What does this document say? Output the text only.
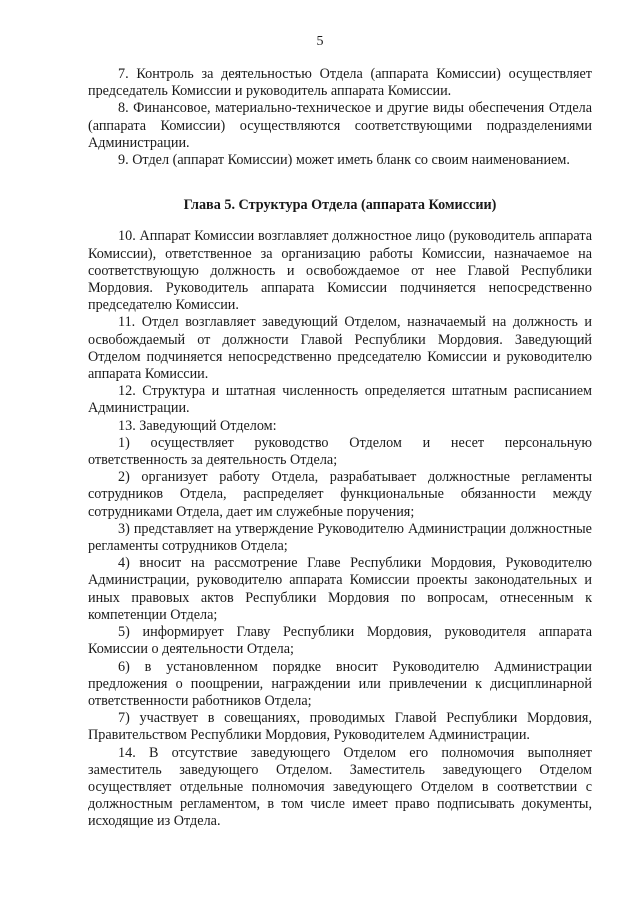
5

7. Контроль за деятельностью Отдела (аппарата Комиссии) осуществляет председатель Комиссии и руководитель аппарата Комиссии.

8. Финансовое, материально-техническое и другие виды обеспечения Отдела (аппарата Комиссии) осуществляются соответствующими подразделениями Администрации.

9. Отдел (аппарат Комиссии) может иметь бланк со своим наименованием.

Глава 5. Структура Отдела (аппарата Комиссии)

10. Аппарат Комиссии возглавляет должностное лицо (руководитель аппарата Комиссии), ответственное за организацию работы Комиссии, назначаемое на соответствующую должность и освобождаемое от нее Главой Республики Мордовия. Руководитель аппарата Комиссии подчиняется непосредственно председателю Комиссии.

11. Отдел возглавляет заведующий Отделом, назначаемый на должность и освобождаемый от должности Главой Республики Мордовия. Заведующий Отделом подчиняется непосредственно председателю Комиссии и руководителю аппарата Комиссии.

12. Структура и штатная численность определяется штатным расписанием Администрации.

13. Заведующий Отделом:

1) осуществляет руководство Отделом и несет персональную ответственность за деятельность Отдела;

2) организует работу Отдела, разрабатывает должностные регламенты сотрудников Отдела, распределяет функциональные обязанности между сотрудниками Отдела, дает им служебные поручения;

3) представляет на утверждение Руководителю Администрации должностные регламенты сотрудников Отдела;

4) вносит на рассмотрение Главе Республики Мордовия, Руководителю Администрации, руководителю аппарата Комиссии проекты законодательных и иных правовых актов Республики Мордовия по вопросам, отнесенным к компетенции Отдела;

5) информирует Главу Республики Мордовия, руководителя аппарата Комиссии о деятельности Отдела;

6) в установленном порядке вносит Руководителю Администрации предложения о поощрении, награждении или привлечении к дисциплинарной ответственности работников Отдела;

7) участвует в совещаниях, проводимых Главой Республики Мордовия, Правительством Республики Мордовия, Руководителем Администрации.

14. В отсутствие заведующего Отделом его полномочия выполняет заместитель заведующего Отделом. Заместитель заведующего Отделом осуществляет отдельные полномочия заведующего Отделом в соответствии с должностным регламентом, в том числе имеет право подписывать документы, исходящие из Отдела.
